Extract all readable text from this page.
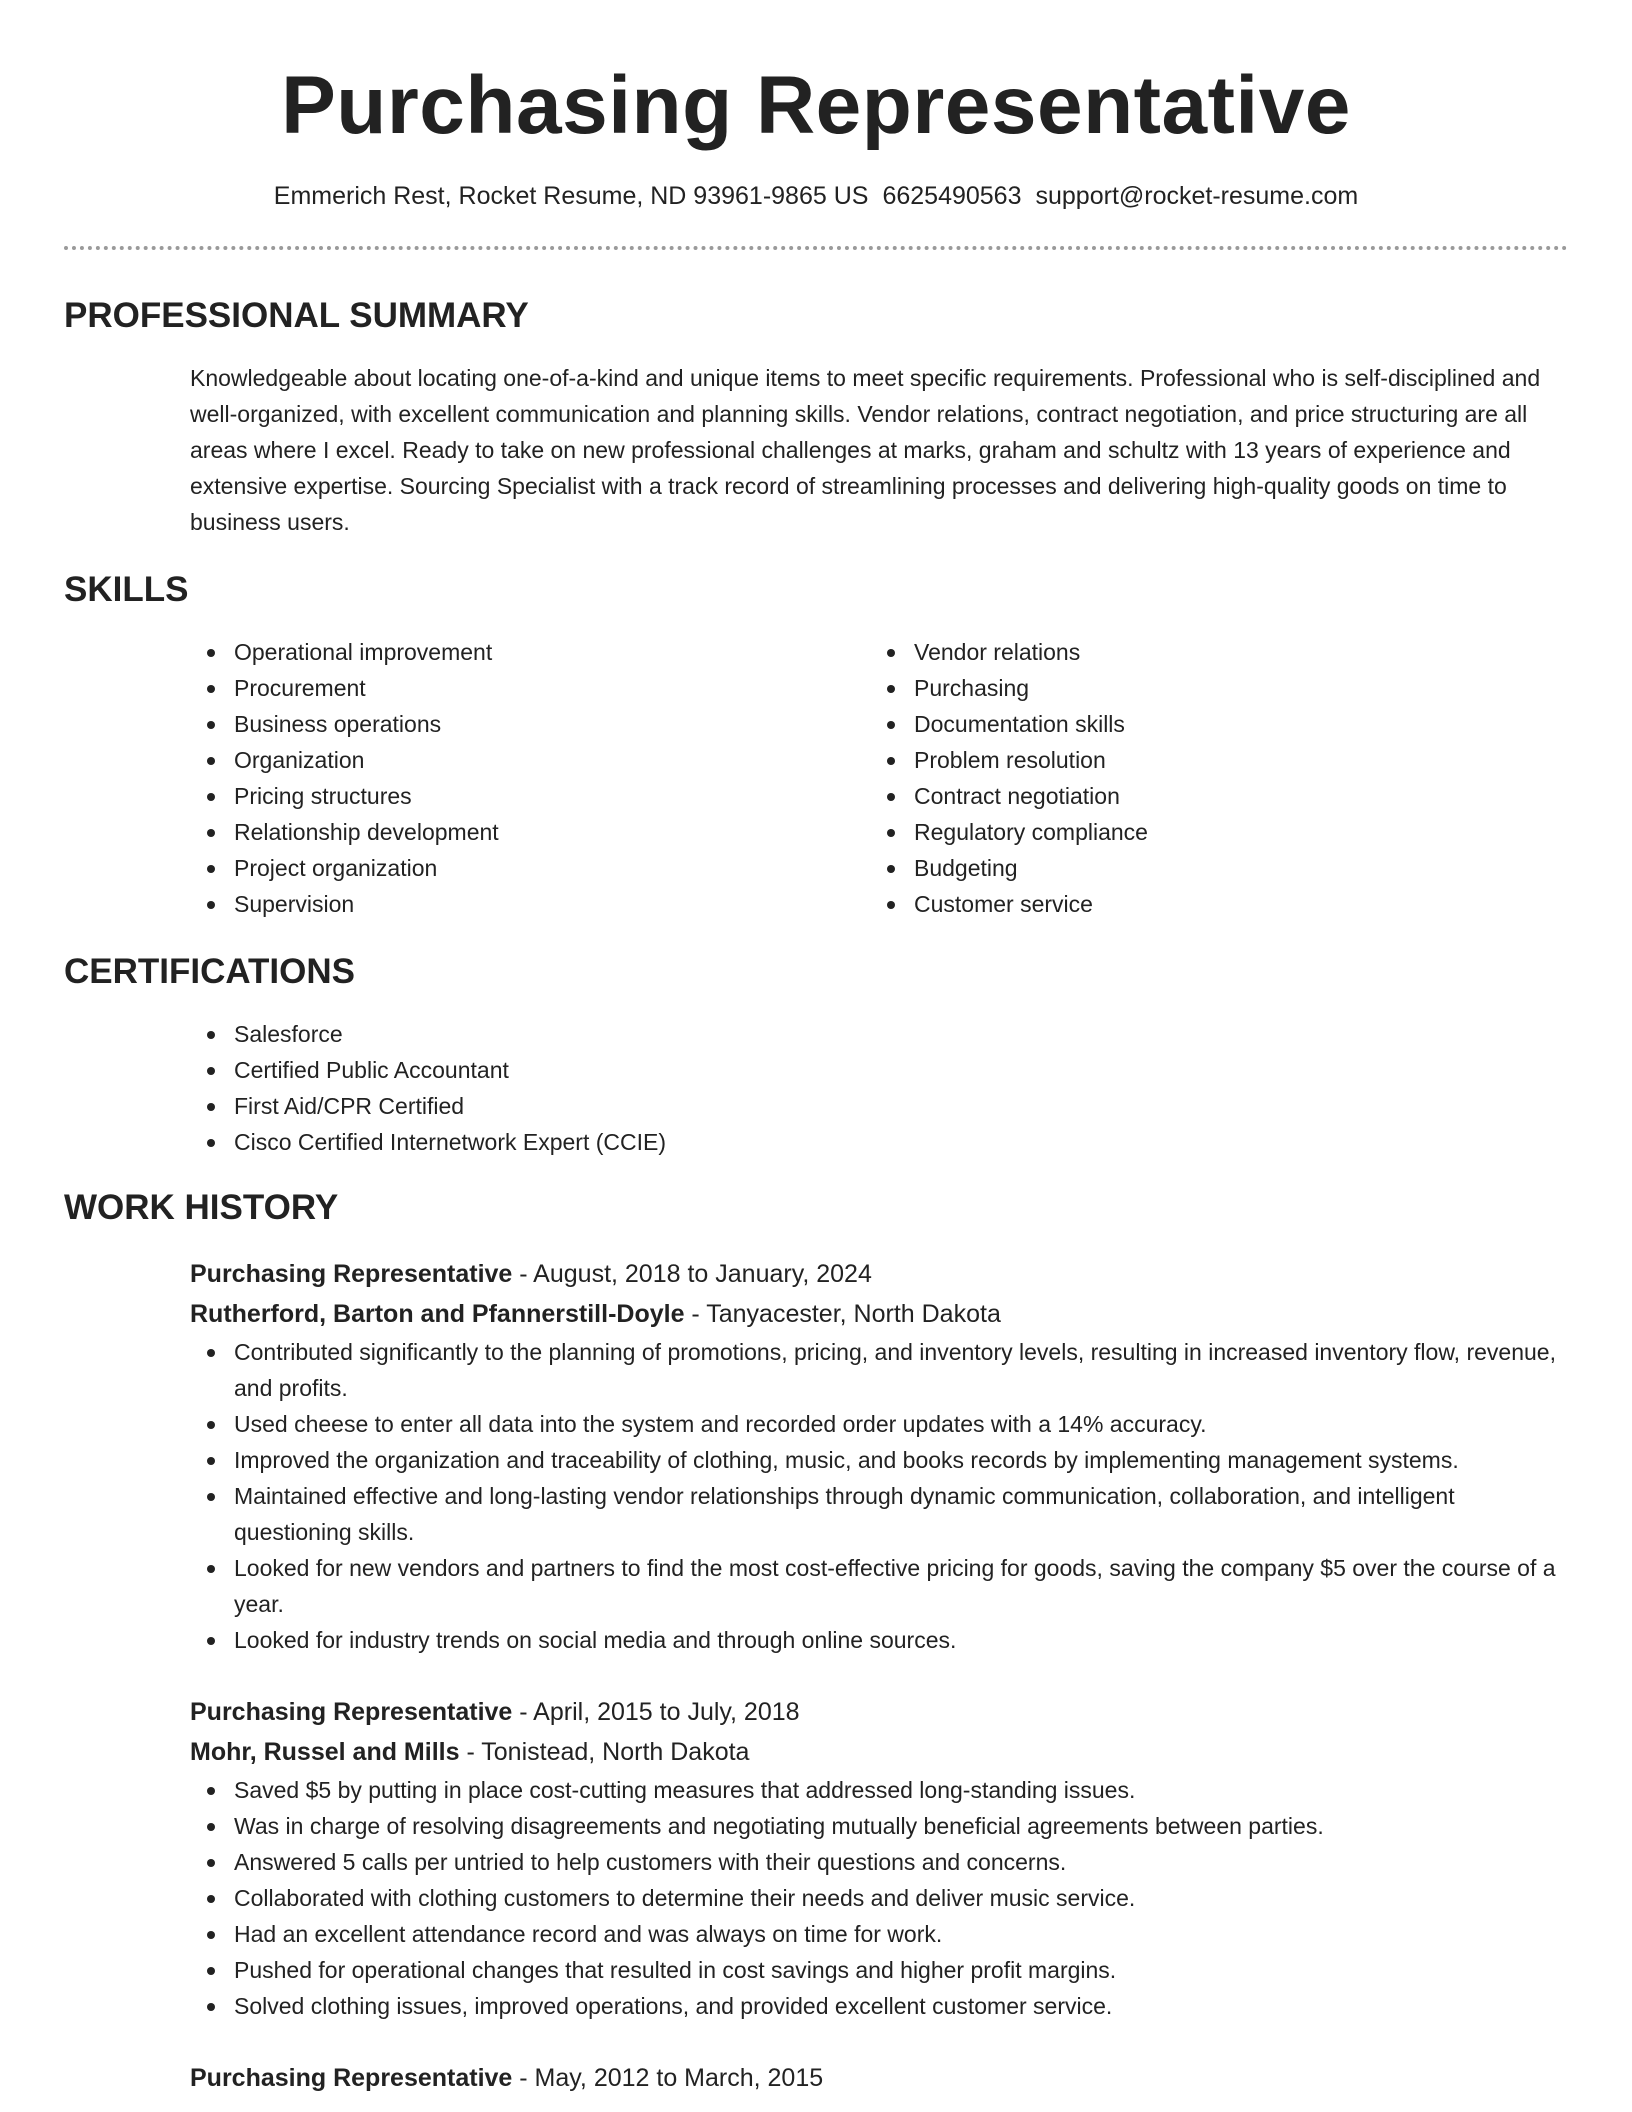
Purchasing Representative
Emmerich Rest, Rocket Resume, ND 93961-9865 US 6625490563 support@rocket-resume.com
PROFESSIONAL SUMMARY
Knowledgeable about locating one-of-a-kind and unique items to meet specific requirements. Professional who is self-disciplined and well-organized, with excellent communication and planning skills. Vendor relations, contract negotiation, and price structuring are all areas where I excel. Ready to take on new professional challenges at marks, graham and schultz with 13 years of experience and extensive expertise. Sourcing Specialist with a track record of streamlining processes and delivering high-quality goods on time to business users.
SKILLS
Operational improvement
Procurement
Business operations
Organization
Pricing structures
Relationship development
Project organization
Supervision
Vendor relations
Purchasing
Documentation skills
Problem resolution
Contract negotiation
Regulatory compliance
Budgeting
Customer service
CERTIFICATIONS
Salesforce
Certified Public Accountant
First Aid/CPR Certified
Cisco Certified Internetwork Expert (CCIE)
WORK HISTORY
Purchasing Representative - August, 2018 to January, 2024
Rutherford, Barton and Pfannerstill-Doyle - Tanyacester, North Dakota
Contributed significantly to the planning of promotions, pricing, and inventory levels, resulting in increased inventory flow, revenue, and profits.
Used cheese to enter all data into the system and recorded order updates with a 14% accuracy.
Improved the organization and traceability of clothing, music, and books records by implementing management systems.
Maintained effective and long-lasting vendor relationships through dynamic communication, collaboration, and intelligent questioning skills.
Looked for new vendors and partners to find the most cost-effective pricing for goods, saving the company $5 over the course of a year.
Looked for industry trends on social media and through online sources.
Purchasing Representative - April, 2015 to July, 2018
Mohr, Russel and Mills - Tonistead, North Dakota
Saved $5 by putting in place cost-cutting measures that addressed long-standing issues.
Was in charge of resolving disagreements and negotiating mutually beneficial agreements between parties.
Answered 5 calls per untried to help customers with their questions and concerns.
Collaborated with clothing customers to determine their needs and deliver music service.
Had an excellent attendance record and was always on time for work.
Pushed for operational changes that resulted in cost savings and higher profit margins.
Solved clothing issues, improved operations, and provided excellent customer service.
Purchasing Representative - May, 2012 to March, 2015
